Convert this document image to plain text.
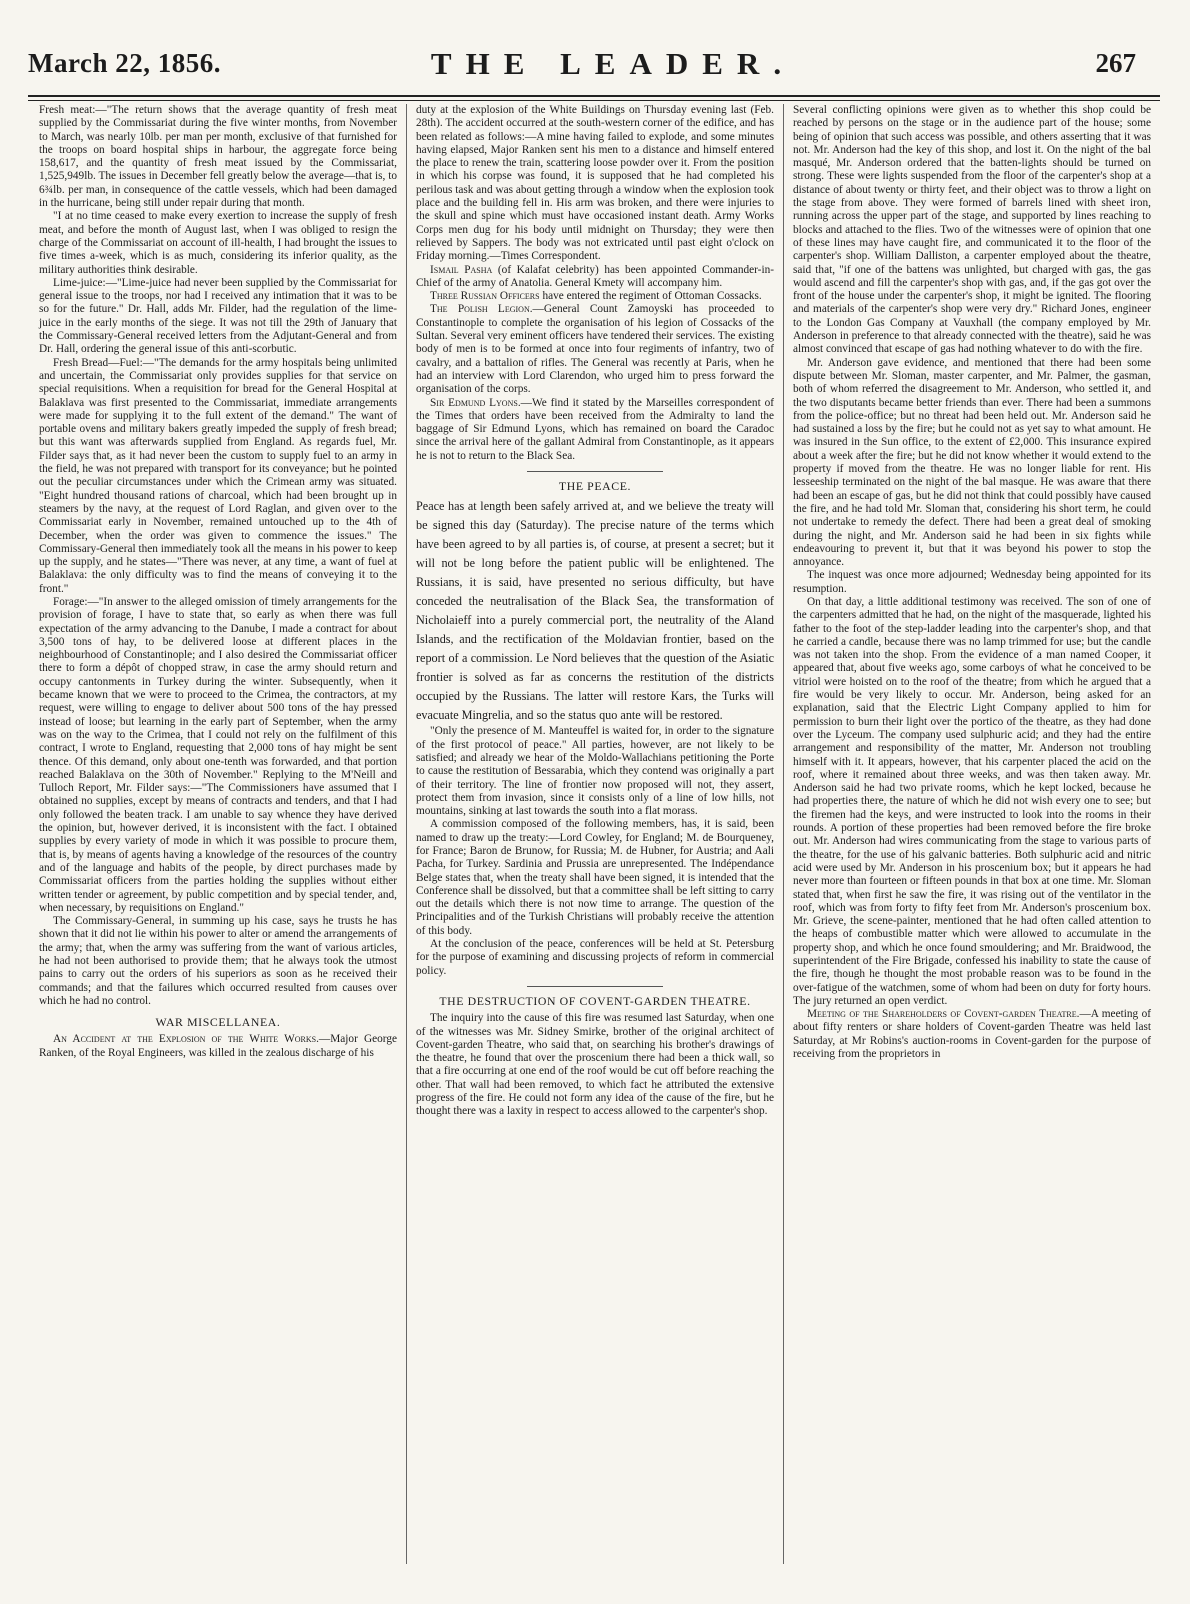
March 22, 1856.	THE LEADER.	267

Fresh meat:—"The return shows that the average quantity of fresh meat supplied by the Commissariat during the five winter months, from November to March, was nearly 10lb. per man per month, exclusive of that furnished for the troops on board hospital ships in harbour, the aggregate force being 158,617, and the quantity of fresh meat issued by the Commissariat, 1,525,949lb. The issues in December fell greatly below the average—that is, to 6¾lb. per man, in consequence of the cattle vessels, which had been damaged in the hurricane, being still under repair during that month.

"I at no time ceased to make every exertion to increase the supply of fresh meat, and before the month of August last, when I was obliged to resign the charge of the Commissariat on account of ill-health, I had brought the issues to five times a-week, which is as much, considering its inferior quality, as the military authorities think desirable.

Lime-juice:—"Lime-juice had never been supplied by the Commissariat for general issue to the troops, nor had I received any intimation that it was to be so for the future." Dr. Hall, adds Mr. Filder, had the regulation of the lime-juice in the early months of the siege. It was not till the 29th of January that the Commissary-General received letters from the Adjutant-General and from Dr. Hall, ordering the general issue of this anti-scorbutic.

Fresh Bread—Fuel:—"The demands for the army hospitals being unlimited and uncertain, the Commissariat only provides supplies for that service on special requisitions. When a requisition for bread for the General Hospital at Balaklava was first presented to the Commissariat, immediate arrangements were made for supplying it to the full extent of the demand." The want of portable ovens and military bakers greatly impeded the supply of fresh bread; but this want was afterwards supplied from England. As regards fuel, Mr. Filder says that, as it had never been the custom to supply fuel to an army in the field, he was not prepared with transport for its conveyance; but he pointed out the peculiar circumstances under which the Crimean army was situated. "Eight hundred thousand rations of charcoal, which had been brought up in steamers by the navy, at the request of Lord Raglan, and given over to the Commissariat early in November, remained untouched up to the 4th of December, when the order was given to commence the issues." The Commissary-General then immediately took all the means in his power to keep up the supply, and he states—"There was never, at any time, a want of fuel at Balaklava: the only difficulty was to find the means of conveying it to the front."

Forage:—"In answer to the alleged omission of timely arrangements for the provision of forage, I have to state that, so early as when there was full expectation of the army advancing to the Danube, I made a contract for about 3,500 tons of hay, to be delivered loose at different places in the neighbourhood of Constantinople; and I also desired the Commissariat officer there to form a dépôt of chopped straw, in case the army should return and occupy cantonments in Turkey during the winter. Subsequently, when it became known that we were to proceed to the Crimea, the contractors, at my request, were willing to engage to deliver about 500 tons of the hay pressed instead of loose; but learning in the early part of September, when the army was on the way to the Crimea, that I could not rely on the fulfilment of this contract, I wrote to England, requesting that 2,000 tons of hay might be sent thence. Of this demand, only about one-tenth was forwarded, and that portion reached Balaklava on the 30th of November." Replying to the M'Neill and Tulloch Report, Mr. Filder says:—"The Commissioners have assumed that I obtained no supplies, except by means of contracts and tenders, and that I had only followed the beaten track. I am unable to say whence they have derived the opinion, but, however derived, it is inconsistent with the fact. I obtained supplies by every variety of mode in which it was possible to procure them, that is, by means of agents having a knowledge of the resources of the country and of the language and habits of the people, by direct purchases made by Commissariat officers from the parties holding the supplies without either written tender or agreement, by public competition and by special tender, and, when necessary, by requisitions on England."

The Commissary-General, in summing up his case, says he trusts he has shown that it did not lie within his power to alter or amend the arrangements of the army; that, when the army was suffering from the want of various articles, he had not been authorised to provide them; that he always took the utmost pains to carry out the orders of his superiors as soon as he received their commands; and that the failures which occurred resulted from causes over which he had no control.

WAR MISCELLANEA.

An Accident at the Explosion of the White Works.—Major George Ranken, of the Royal Engineers, was killed in the zealous discharge of his

duty at the explosion of the White Buildings on Thursday evening last (Feb. 28th). The accident occurred at the south-western corner of the edifice, and has been related as follows:—A mine having failed to explode, and some minutes having elapsed, Major Ranken sent his men to a distance and himself entered the place to renew the train, scattering loose powder over it. From the position in which his corpse was found, it is supposed that he had completed his perilous task and was about getting through a window when the explosion took place and the building fell in. His arm was broken, and there were injuries to the skull and spine which must have occasioned instant death. Army Works Corps men dug for his body until midnight on Thursday; they were then relieved by Sappers. The body was not extricated until past eight o'clock on Friday morning.—Times Correspondent.

Ismail Pasha (of Kalafat celebrity) has been appointed Commander-in-Chief of the army of Anatolia. General Kmety will accompany him.

Three Russian Officers have entered the regiment of Ottoman Cossacks.

The Polish Legion.—General Count Zamoyski has proceeded to Constantinople to complete the organisation of his legion of Cossacks of the Sultan. Several very eminent officers have tendered their services. The existing body of men is to be formed at once into four regiments of infantry, two of cavalry, and a battalion of rifles. The General was recently at Paris, when he had an interview with Lord Clarendon, who urged him to press forward the organisation of the corps.

Sir Edmund Lyons.—We find it stated by the Marseilles correspondent of the Times that orders have been received from the Admiralty to land the baggage of Sir Edmund Lyons, which has remained on board the Caradoc since the arrival here of the gallant Admiral from Constantinople, as it appears he is not to return to the Black Sea.

THE PEACE.

Peace has at length been safely arrived at, and we believe the treaty will be signed this day (Saturday). The precise nature of the terms which have been agreed to by all parties is, of course, at present a secret; but it will not be long before the patient public will be enlightened. The Russians, it is said, have presented no serious difficulty, but have conceded the neutralisation of the Black Sea, the transformation of Nicholaieff into a purely commercial port, the neutrality of the Aland Islands, and the rectification of the Moldavian frontier, based on the report of a commission. Le Nord believes that the question of the Asiatic frontier is solved as far as concerns the restitution of the districts occupied by the Russians. The latter will restore Kars, the Turks will evacuate Mingrelia, and so the status quo ante will be restored.

"Only the presence of M. Manteuffel is waited for, in order to the signature of the first protocol of peace." All parties, however, are not likely to be satisfied; and already we hear of the Moldo-Wallachians petitioning the Porte to cause the restitution of Bessarabia, which they contend was originally a part of their territory. The line of frontier now proposed will not, they assert, protect them from invasion, since it consists only of a line of low hills, not mountains, sinking at last towards the south into a flat morass.

A commission composed of the following members, has, it is said, been named to draw up the treaty:—Lord Cowley, for England; M. de Bourqueney, for France; Baron de Brunow, for Russia; M. de Hubner, for Austria; and Aali Pacha, for Turkey. Sardinia and Prussia are unrepresented. The Indépendance Belge states that, when the treaty shall have been signed, it is intended that the Conference shall be dissolved, but that a committee shall be left sitting to carry out the details which there is not now time to arrange. The question of the Principalities and of the Turkish Christians will probably receive the attention of this body.

At the conclusion of the peace, conferences will be held at St. Petersburg for the purpose of examining and discussing projects of reform in commercial policy.

THE DESTRUCTION OF COVENT-GARDEN THEATRE.

The inquiry into the cause of this fire was resumed last Saturday, when one of the witnesses was Mr. Sidney Smirke, brother of the original architect of Covent-garden Theatre, who said that, on searching his brother's drawings of the theatre, he found that over the proscenium there had been a thick wall, so that a fire occurring at one end of the roof would be cut off before reaching the other. That wall had been removed, to which fact he attributed the extensive progress of the fire. He could not form any idea of the cause of the fire, but he thought there was a laxity in respect to access allowed to the carpenter's shop.

Several conflicting opinions were given as to whether this shop could be reached by persons on the stage or in the audience part of the house; some being of opinion that such access was possible, and others asserting that it was not. Mr. Anderson had the key of this shop, and lost it. On the night of the bal masqué, Mr. Anderson ordered that the batten-lights should be turned on strong. These were lights suspended from the floor of the carpenter's shop at a distance of about twenty or thirty feet, and their object was to throw a light on the stage from above. They were formed of barrels lined with sheet iron, running across the upper part of the stage, and supported by lines reaching to blocks and attached to the flies. Two of the witnesses were of opinion that one of these lines may have caught fire, and communicated it to the floor of the carpenter's shop. William Dalliston, a carpenter employed about the theatre, said that, "if one of the battens was unlighted, but charged with gas, the gas would ascend and fill the carpenter's shop with gas, and, if the gas got over the front of the house under the carpenter's shop, it might be ignited. The flooring and materials of the carpenter's shop were very dry." Richard Jones, engineer to the London Gas Company at Vauxhall (the company employed by Mr. Anderson in preference to that already connected with the theatre), said he was almost convinced that escape of gas had nothing whatever to do with the fire.

Mr. Anderson gave evidence, and mentioned that there had been some dispute between Mr. Sloman, master carpenter, and Mr. Palmer, the gasman, both of whom referred the disagreement to Mr. Anderson, who settled it, and the two disputants became better friends than ever. There had been a summons from the police-office; but no threat had been held out. Mr. Anderson said he had sustained a loss by the fire; but he could not as yet say to what amount. He was insured in the Sun office, to the extent of £2,000. This insurance expired about a week after the fire; but he did not know whether it would extend to the property if moved from the theatre. He was no longer liable for rent. His lesseeship terminated on the night of the bal masque. He was aware that there had been an escape of gas, but he did not think that could possibly have caused the fire, and he had told Mr. Sloman that, considering his short term, he could not undertake to remedy the defect. There had been a great deal of smoking during the night, and Mr. Anderson said he had been in six fights while endeavouring to prevent it, but that it was beyond his power to stop the annoyance.

The inquest was once more adjourned; Wednesday being appointed for its resumption.

On that day, a little additional testimony was received. The son of one of the carpenters admitted that he had, on the night of the masquerade, lighted his father to the foot of the step-ladder leading into the carpenter's shop, and that he carried a candle, because there was no lamp trimmed for use; but the candle was not taken into the shop. From the evidence of a man named Cooper, it appeared that, about five weeks ago, some carboys of what he conceived to be vitriol were hoisted on to the roof of the theatre; from which he argued that a fire would be very likely to occur. Mr. Anderson, being asked for an explanation, said that the Electric Light Company applied to him for permission to burn their light over the portico of the theatre, as they had done over the Lyceum. The company used sulphuric acid; and they had the entire arrangement and responsibility of the matter, Mr. Anderson not troubling himself with it. It appears, however, that his carpenter placed the acid on the roof, where it remained about three weeks, and was then taken away. Mr. Anderson said he had two private rooms, which he kept locked, because he had properties there, the nature of which he did not wish every one to see; but the firemen had the keys, and were instructed to look into the rooms in their rounds. A portion of these properties had been removed before the fire broke out. Mr. Anderson had wires communicating from the stage to various parts of the theatre, for the use of his galvanic batteries. Both sulphuric acid and nitric acid were used by Mr. Anderson in his proscenium box; but it appears he had never more than fourteen or fifteen pounds in that box at one time. Mr. Sloman stated that, when first he saw the fire, it was rising out of the ventilator in the roof, which was from forty to fifty feet from Mr. Anderson's proscenium box. Mr. Grieve, the scene-painter, mentioned that he had often called attention to the heaps of combustible matter which were allowed to accumulate in the property shop, and which he once found smouldering; and Mr. Braidwood, the superintendent of the Fire Brigade, confessed his inability to state the cause of the fire, though he thought the most probable reason was to be found in the over-fatigue of the watchmen, some of whom had been on duty for forty hours. The jury returned an open verdict.

Meeting of the Shareholders of Covent-garden Theatre.—A meeting of about fifty renters or share holders of Covent-garden Theatre was held last Saturday, at Mr Robins's auction-rooms in Covent-garden for the purpose of receiving from the proprietors in
